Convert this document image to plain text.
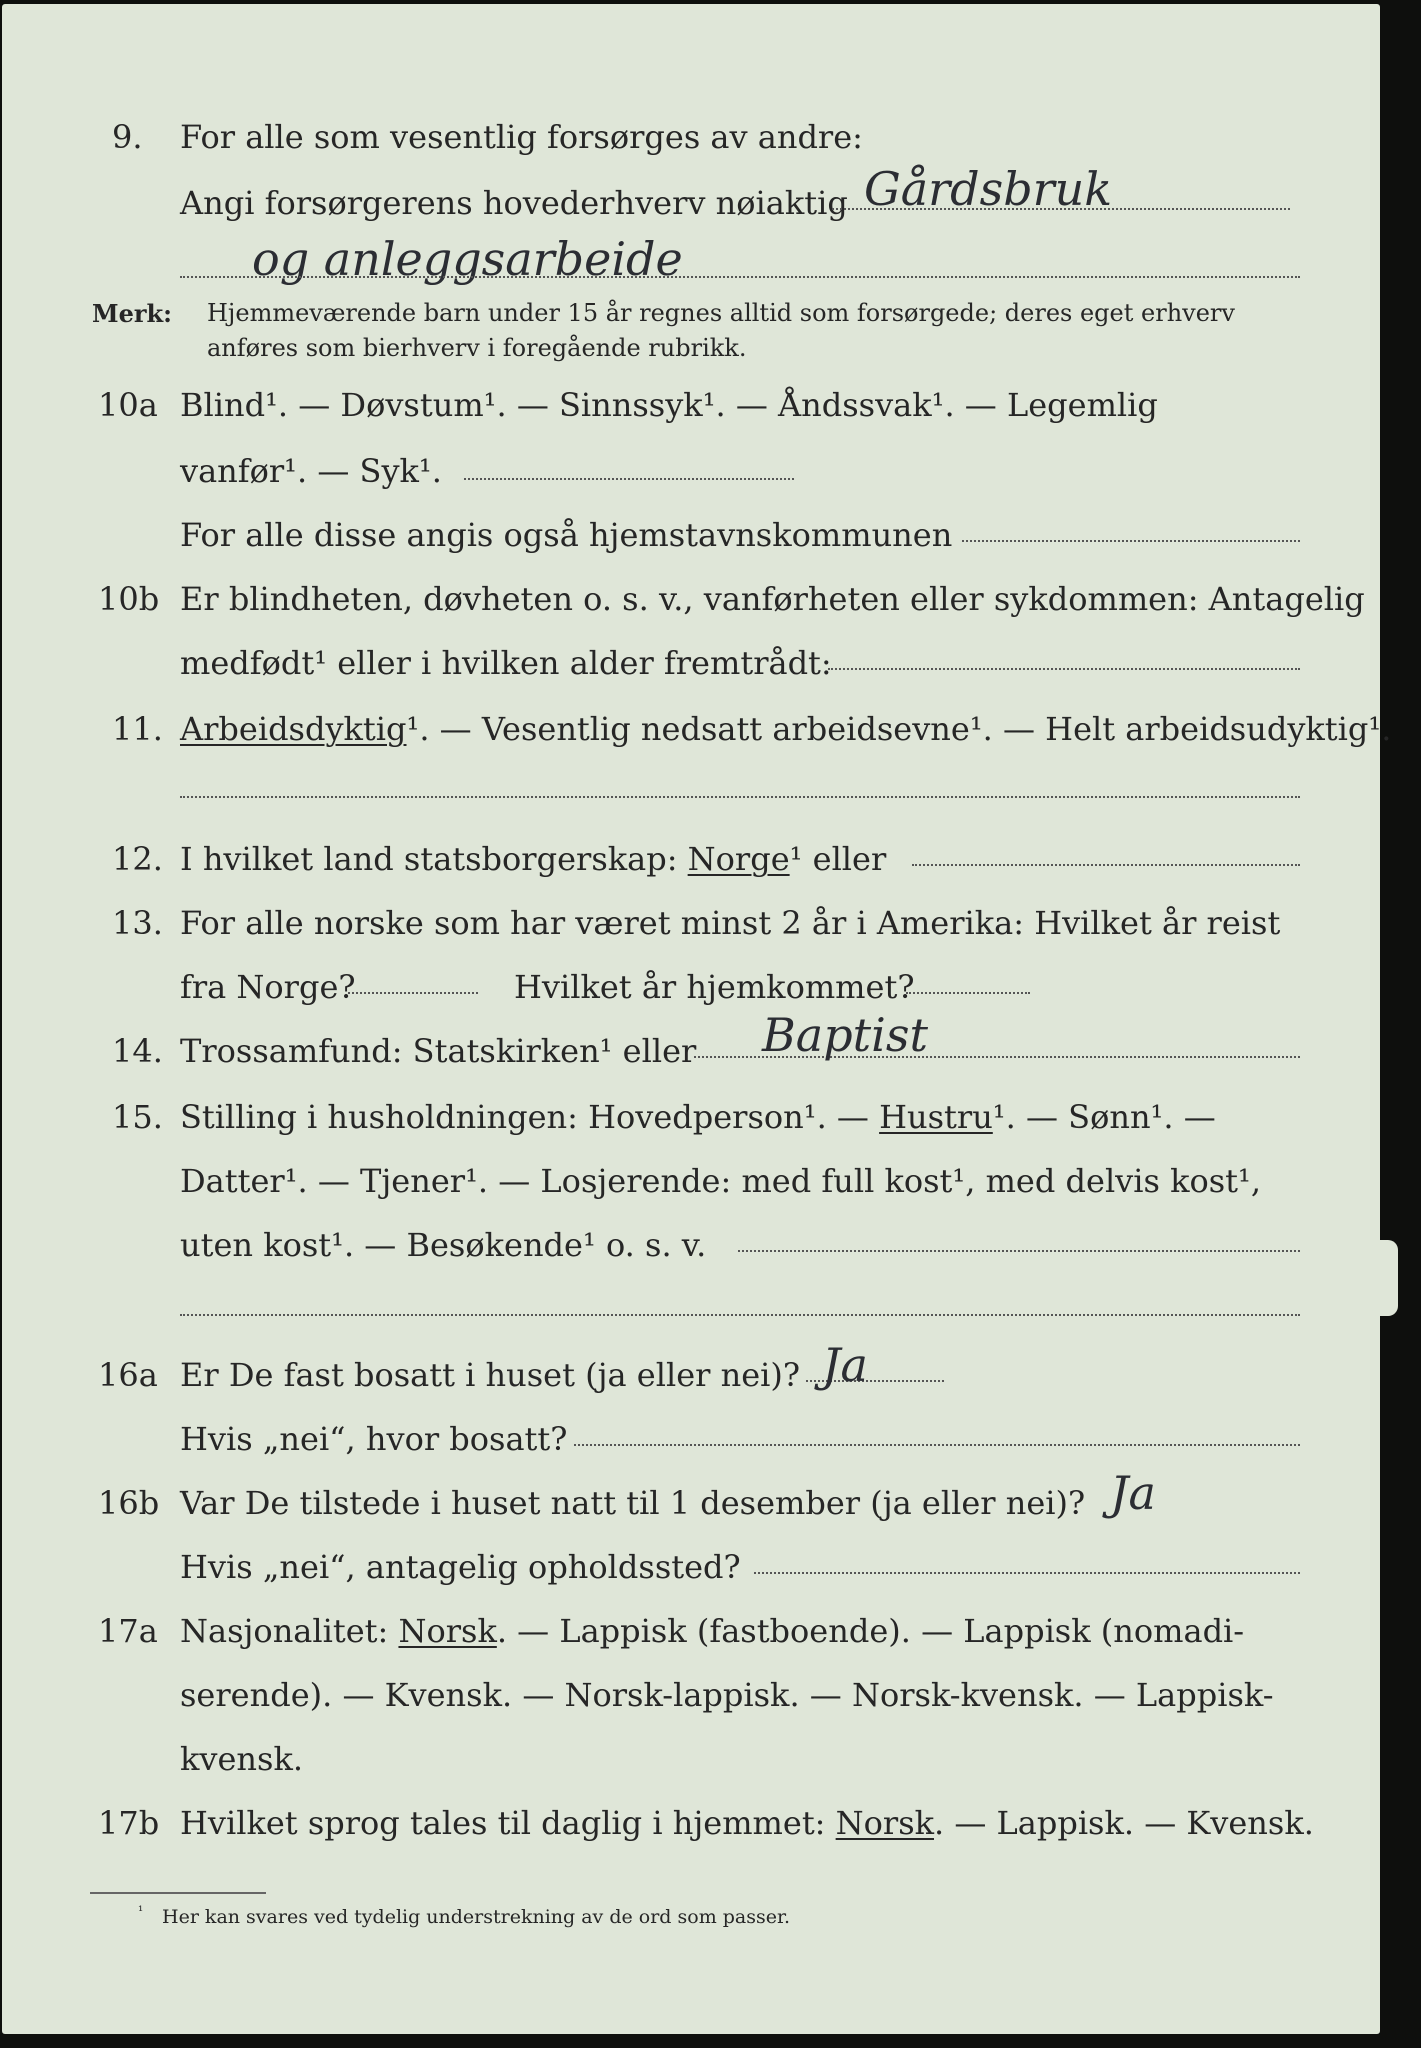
9. For alle som vesentlig forsørges av andre:
Angi forsørgerens hovederhverv nøiaktig Gårdsbruk
og anleggsarbeide
Merk: Hjemmeværende barn under 15 år regnes alltid som forsørgede; deres eget erhverv
anføres som bierhverv i foregående rubrikk.
10a Blind¹. — Døvstum¹. — Sinnssyk¹. — Åndssvak¹. — Legemlig
vanfør¹. — Syk¹.
For alle disse angis også hjemstavnskommunen
10b Er blindheten, døvheten o. s. v., vanførheten eller sykdommen: Antagelig
medfødt¹ eller i hvilken alder fremtrådt:
11. Arbeidsdyktig¹. — Vesentlig nedsatt arbeidsevne¹. — Helt arbeidsudyktig¹.
12. I hvilket land statsborgerskap: Norge¹ eller
13. For alle norske som har været minst 2 år i Amerika: Hvilket år reist
fra Norge?	Hvilket år hjemkommet?
14. Trossamfund: Statskirken¹ eller Baptist
15. Stilling i husholdningen: Hovedperson¹. — Hustru¹. — Sønn¹. —
Datter¹. — Tjener¹. — Losjerende: med full kost¹, med delvis kost¹,
uten kost¹. — Besøkende¹ o. s. v.
16a Er De fast bosatt i huset (ja eller nei)? Ja
Hvis „nei“, hvor bosatt?
16b Var De tilstede i huset natt til 1 desember (ja eller nei)? Ja
Hvis „nei“, antagelig opholdssted?
17a Nasjonalitet: Norsk. — Lappisk (fastboende). — Lappisk (nomadi-
serende). — Kvensk. — Norsk-lappisk. — Norsk-kvensk. — Lappisk-
kvensk.
17b Hvilket sprog tales til daglig i hjemmet: Norsk. — Lappisk. — Kvensk.
¹ Her kan svares ved tydelig understrekning av de ord som passer.
